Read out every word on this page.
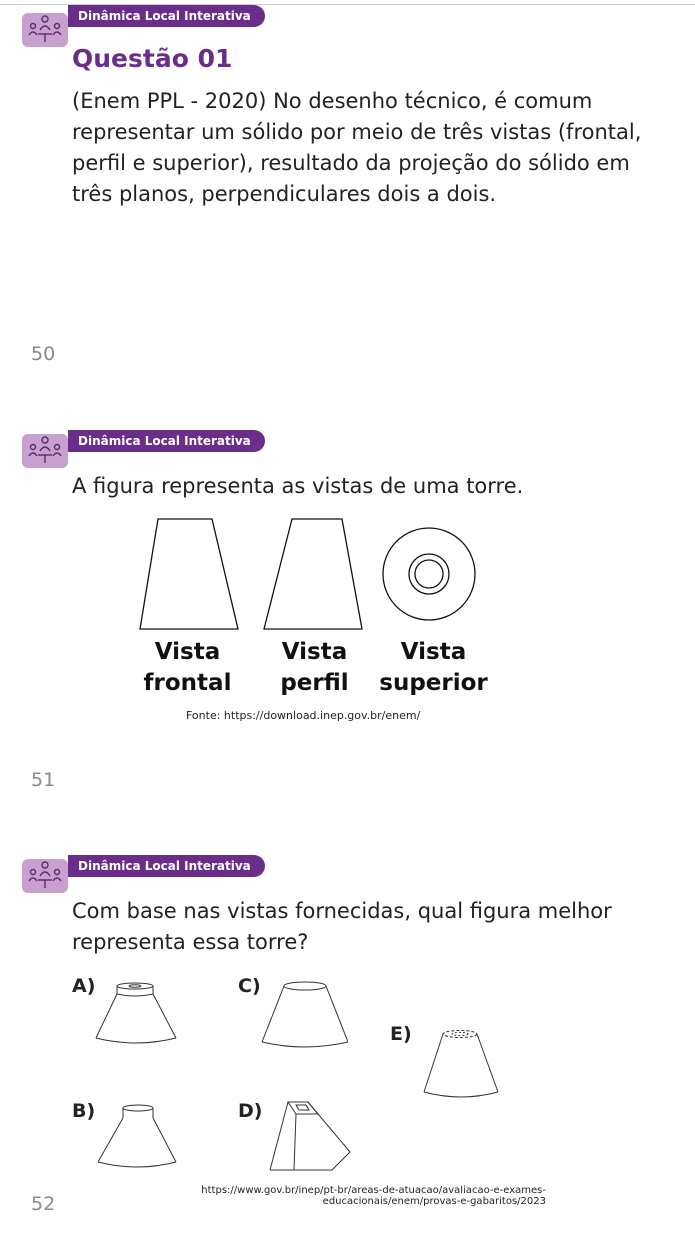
Dinâmica Local Interativa
Questão 01
(Enem PPL - 2020) No desenho técnico, é comum representar um sólido por meio de três vistas (frontal, perfil e superior), resultado da projeção do sólido em três planos, perpendiculares dois a dois.
50
Dinâmica Local Interativa
A figura representa as vistas de uma torre.
Vista
frontal
Vista
perfil
Vista
superior
Fonte: https://download.inep.gov.br/enem/
51
Dinâmica Local Interativa
Com base nas vistas fornecidas, qual figura melhor representa essa torre?
A)
B)
C)
D)
E)
https://www.gov.br/inep/pt-br/areas-de-atuacao/avaliacao-e-exames-educacionais/enem/provas-e-gabaritos/2023
52
